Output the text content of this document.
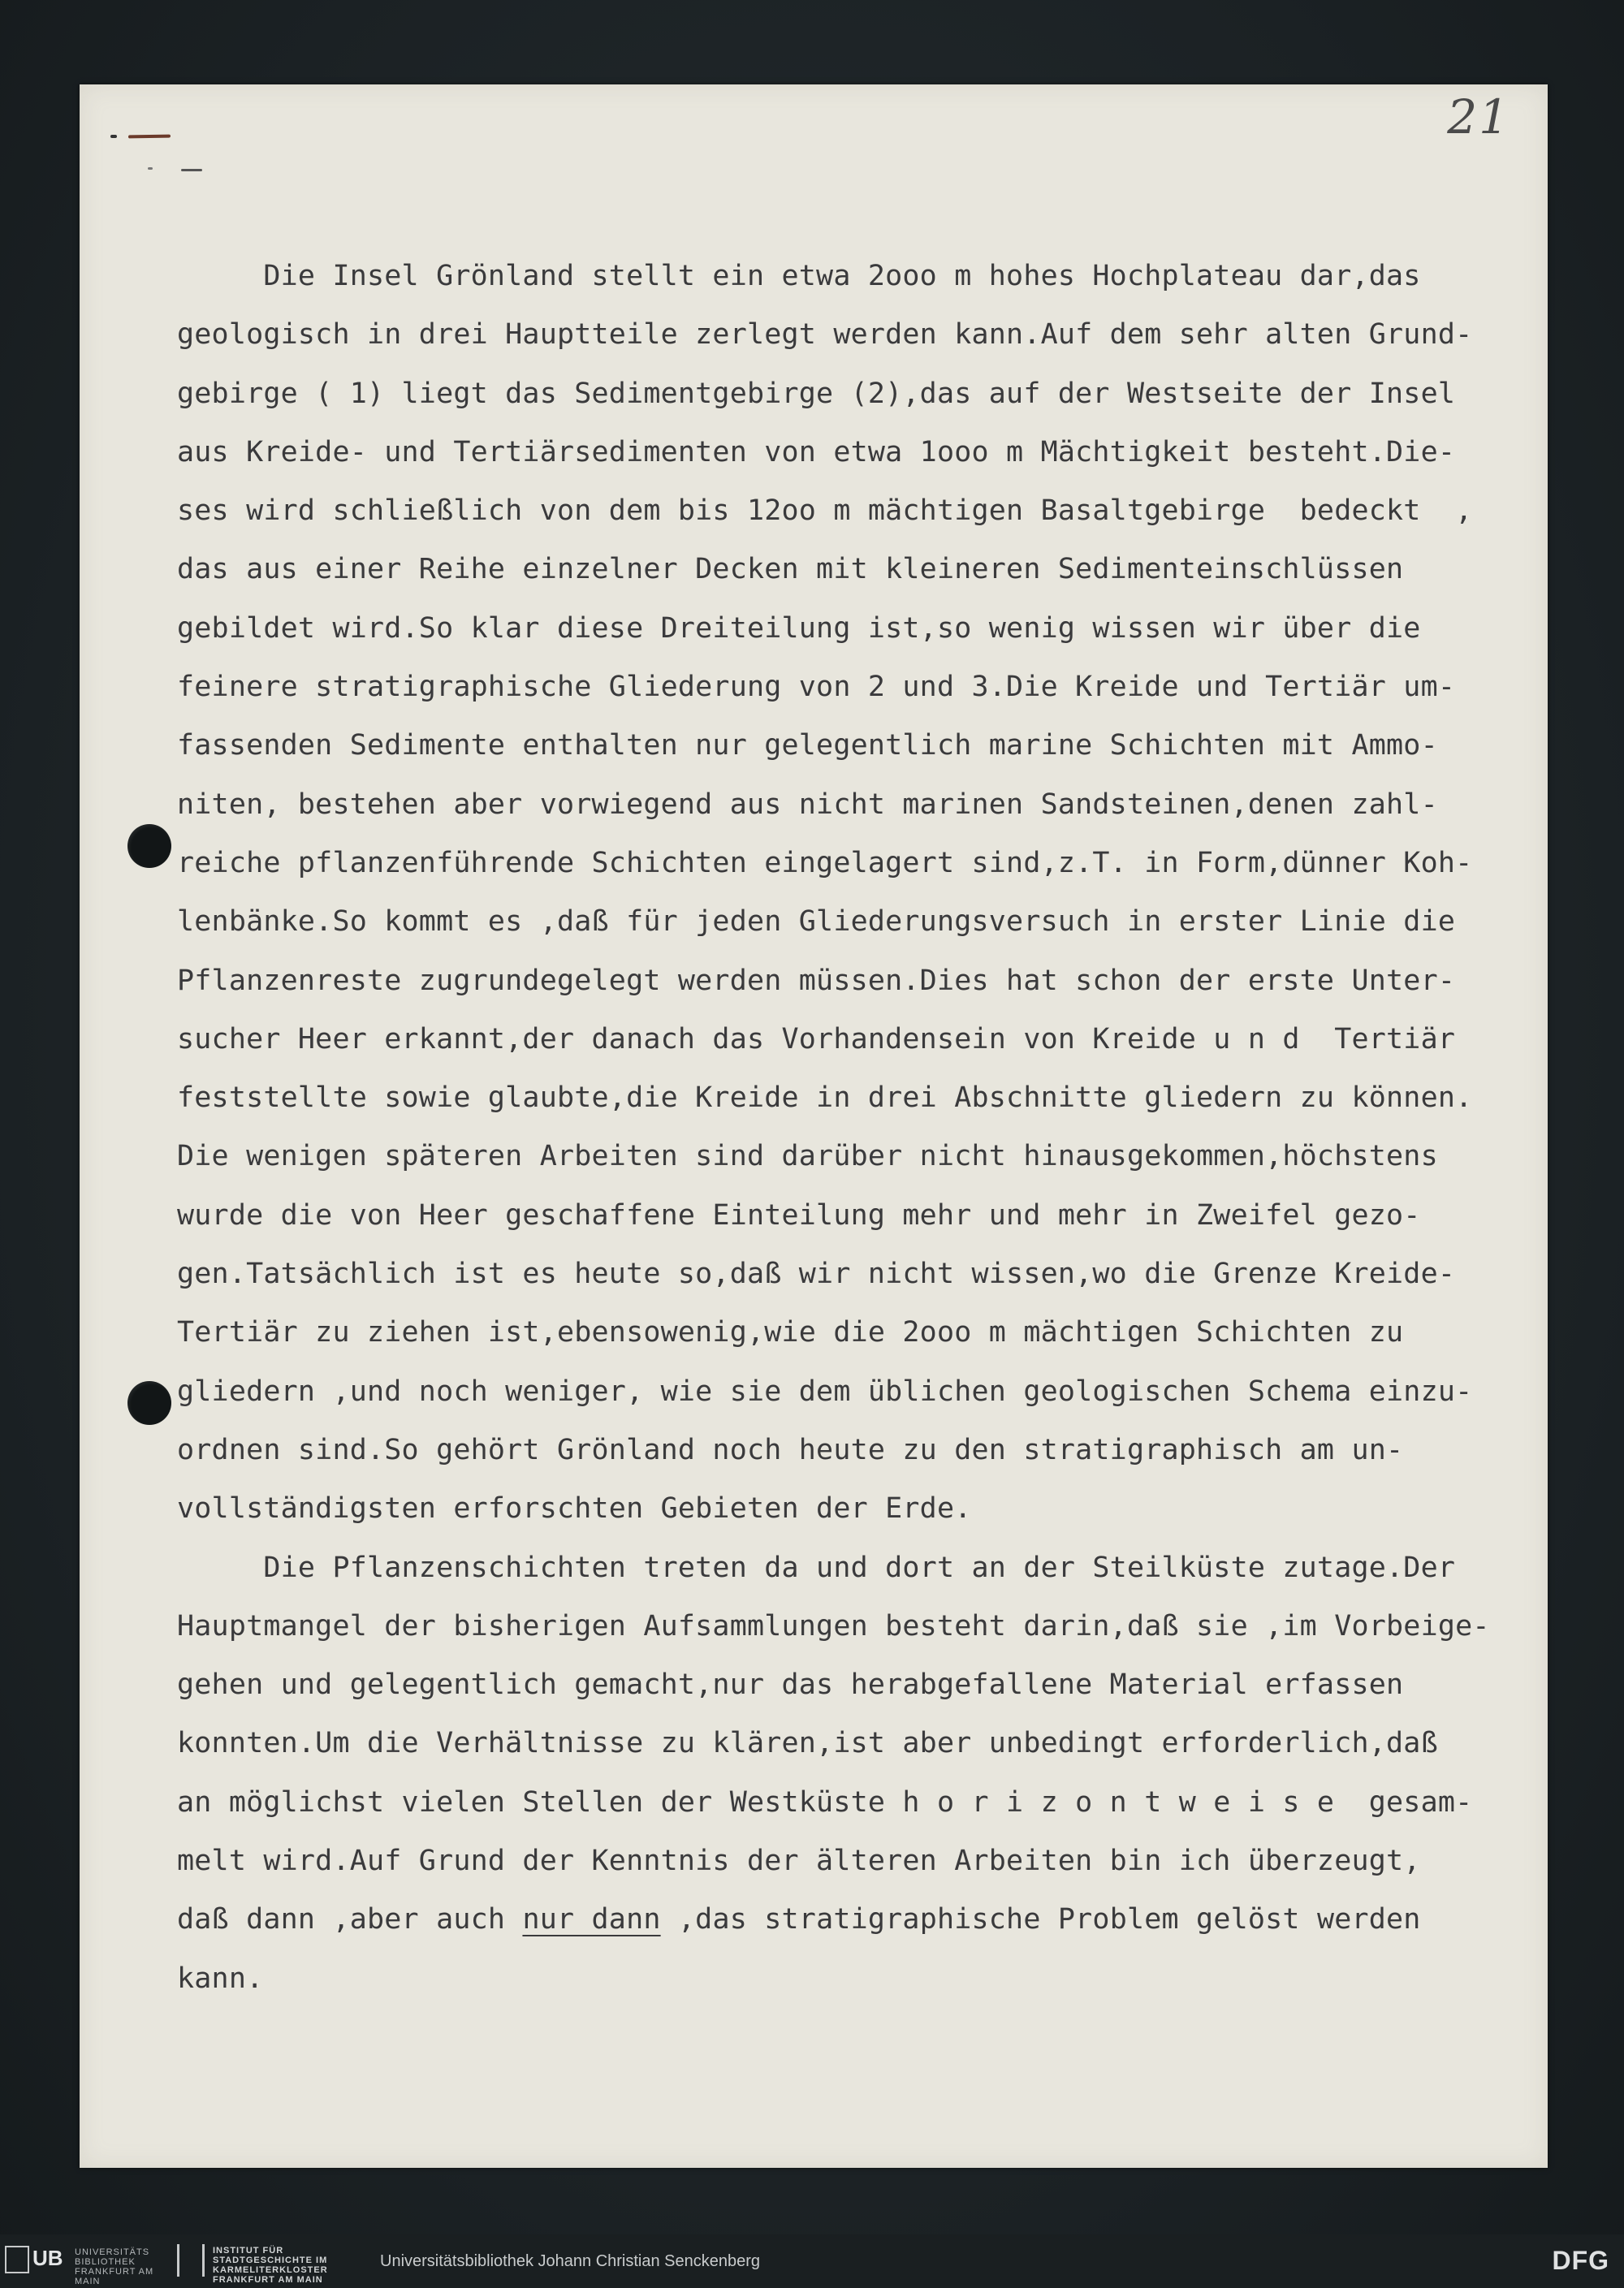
21
Die Insel Grönland stellt ein etwa 2ooo m hohes Hochplateau dar,das
geologisch in drei Hauptteile zerlegt werden kann.Auf dem sehr alten Grund-
gebirge ( 1) liegt das Sedimentgebirge (2),das auf der Westseite der Insel
aus Kreide- und Tertiärsedimenten von etwa 1ooo m Mächtigkeit besteht.Die-
ses wird schließlich von dem bis 12oo m mächtigen Basaltgebirge  bedeckt  ,
das aus einer Reihe einzelner Decken mit kleineren Sedimenteinschlüssen
gebildet wird.So klar diese Dreiteilung ist,so wenig wissen wir über die
feinere stratigraphische Gliederung von 2 und 3.Die Kreide und Tertiär um-
fassenden Sedimente enthalten nur gelegentlich marine Schichten mit Ammo-
niten, bestehen aber vorwiegend aus nicht marinen Sandsteinen,denen zahl-
reiche pflanzenführende Schichten eingelagert sind,z.T. in Form,dünner Koh-
lenbänke.So kommt es ,daß für jeden Gliederungsversuch in erster Linie die
Pflanzenreste zugrundegelegt werden müssen.Dies hat schon der erste Unter-
sucher Heer erkannt,der danach das Vorhandensein von Kreide u n d  Tertiär
feststellte sowie glaubte,die Kreide in drei Abschnitte gliedern zu können.
Die wenigen späteren Arbeiten sind darüber nicht hinausgekommen,höchstens
wurde die von Heer geschaffene Einteilung mehr und mehr in Zweifel gezo-
gen.Tatsächlich ist es heute so,daß wir nicht wissen,wo die Grenze Kreide-
Tertiär zu ziehen ist,ebensowenig,wie die 2ooo m mächtigen Schichten zu
gliedern ,und noch weniger, wie sie dem üblichen geologischen Schema einzu-
ordnen sind.So gehört Grönland noch heute zu den stratigraphisch am un-
vollständigsten erforschten Gebieten der Erde.
Die Pflanzenschichten treten da und dort an der Steilküste zutage.Der
Hauptmangel der bisherigen Aufsammlungen besteht darin,daß sie ,im Vorbeige-
gehen und gelegentlich gemacht,nur das herabgefallene Material erfassen
konnten.Um die Verhältnisse zu klären,ist aber unbedingt erforderlich,daß
an möglichst vielen Stellen der Westküste h o r i z o n t w e i s e  gesam-
melt wird.Auf Grund der Kenntnis der älteren Arbeiten bin ich überzeugt,
daß dann ,aber auch nur dann ,das stratigraphische Problem gelöst werden
kann.
UB UNIVERSITÄTS BIBLIOTHEK FRANKFURT AM MAIN
INSTITUT FÜR STADTGESCHICHTE IM KARMELITERKLOSTER FRANKFURT AM MAIN
Universitätsbibliothek Johann Christian Senckenberg	DFG
